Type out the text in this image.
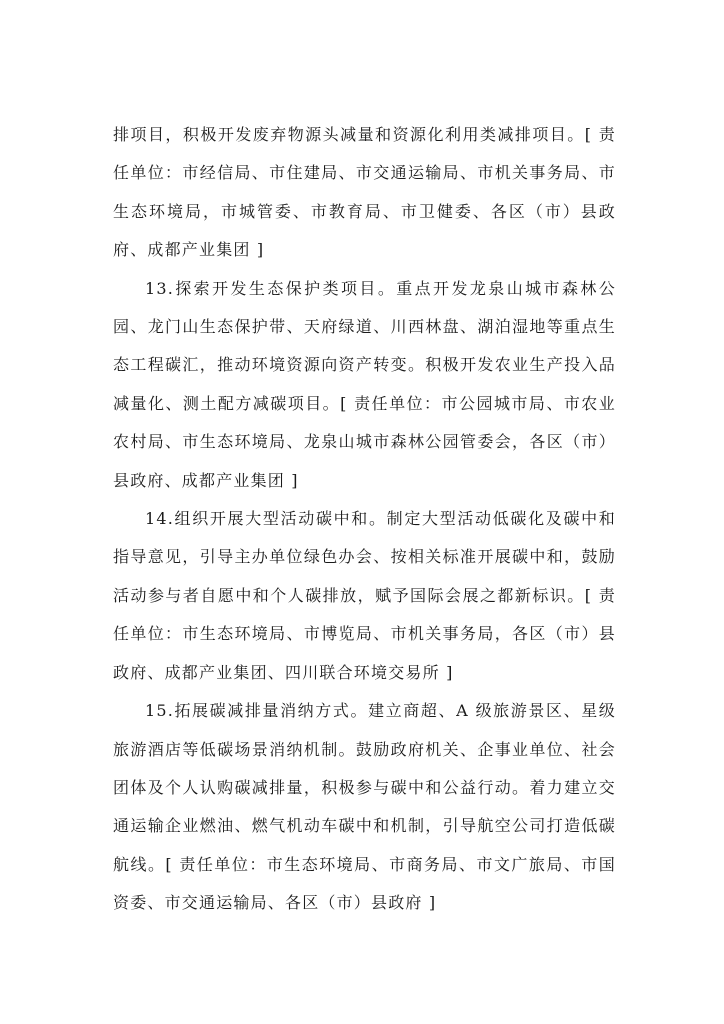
排项目，积极开发废弃物源头减量和资源化利用类减排项目。[ 责任单位：市经信局、市住建局、市交通运输局、市机关事务局、市生态环境局，市城管委、市教育局、市卫健委、各区（市）县政府、成都产业集团 ]

13.探索开发生态保护类项目。重点开发龙泉山城市森林公园、龙门山生态保护带、天府绿道、川西林盘、湖泊湿地等重点生态工程碳汇，推动环境资源向资产转变。积极开发农业生产投入品减量化、测土配方减碳项目。[ 责任单位：市公园城市局、市农业农村局、市生态环境局、龙泉山城市森林公园管委会，各区（市）县政府、成都产业集团 ]

14.组织开展大型活动碳中和。制定大型活动低碳化及碳中和指导意见，引导主办单位绿色办会、按相关标准开展碳中和，鼓励活动参与者自愿中和个人碳排放，赋予国际会展之都新标识。[ 责任单位：市生态环境局、市博览局、市机关事务局，各区（市）县政府、成都产业集团、四川联合环境交易所 ]

15.拓展碳减排量消纳方式。建立商超、A 级旅游景区、星级旅游酒店等低碳场景消纳机制。鼓励政府机关、企事业单位、社会团体及个人认购碳减排量，积极参与碳中和公益行动。着力建立交通运输企业燃油、燃气机动车碳中和机制，引导航空公司打造低碳航线。[ 责任单位：市生态环境局、市商务局、市文广旅局、市国资委、市交通运输局、各区（市）县政府 ]
